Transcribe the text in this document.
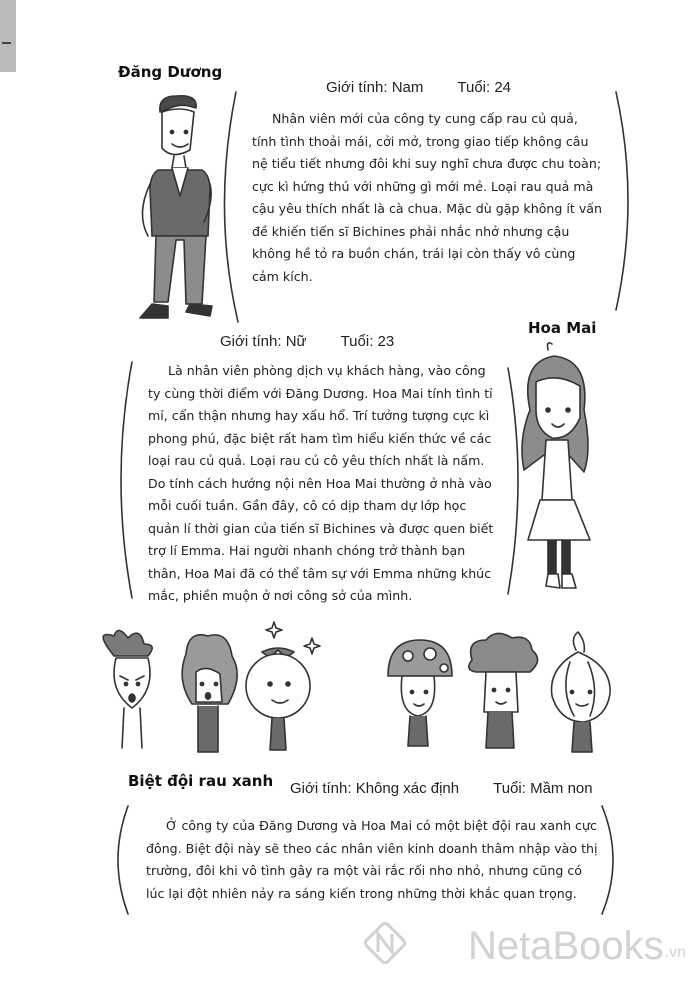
Đăng Dương
Giới tính: Nam Tuổi: 24

Nhân viên mới của công ty cung cấp rau củ quả, tính tình thoải mái, cởi mở, trong giao tiếp không câu nệ tiểu tiết nhưng đôi khi suy nghĩ chưa được chu toàn; cực kì hứng thú với những gì mới mẻ. Loại rau quả mà cậu yêu thích nhất là cà chua. Mặc dù gặp không ít vấn đề khiến tiến sĩ Bichines phải nhắc nhở nhưng cậu không hề tỏ ra buồn chán, trái lại còn thấy vô cùng cảm kích.

Hoa Mai
Giới tính: Nữ Tuổi: 23

Là nhân viên phòng dịch vụ khách hàng, vào công ty cùng thời điểm với Đăng Dương. Hoa Mai tính tình tỉ mỉ, cẩn thận nhưng hay xấu hổ. Trí tưởng tượng cực kì phong phú, đặc biệt rất ham tìm hiểu kiến thức về các loại rau củ quả. Loại rau củ cô yêu thích nhất là nấm. Do tính cách hướng nội nên Hoa Mai thường ở nhà vào mỗi cuối tuần. Gần đây, cô có dịp tham dự lớp học quản lí thời gian của tiến sĩ Bichines và được quen biết trợ lí Emma. Hai người nhanh chóng trở thành bạn thân, Hoa Mai đã có thể tâm sự với Emma những khúc mắc, phiền muộn ở nơi công sở của mình.

Biệt đội rau xanh Giới tính: Không xác định Tuổi: Mầm non

Ở công ty của Đăng Dương và Hoa Mai có một biệt đội rau xanh cực đông. Biệt đội này sẽ theo các nhân viên kinh doanh thâm nhập vào thị trường, đôi khi vô tình gây ra một vài rắc rối nho nhỏ, nhưng cũng có lúc lại đột nhiên nảy ra sáng kiến trong những thời khắc quan trọng.

NetaBooks .vn
